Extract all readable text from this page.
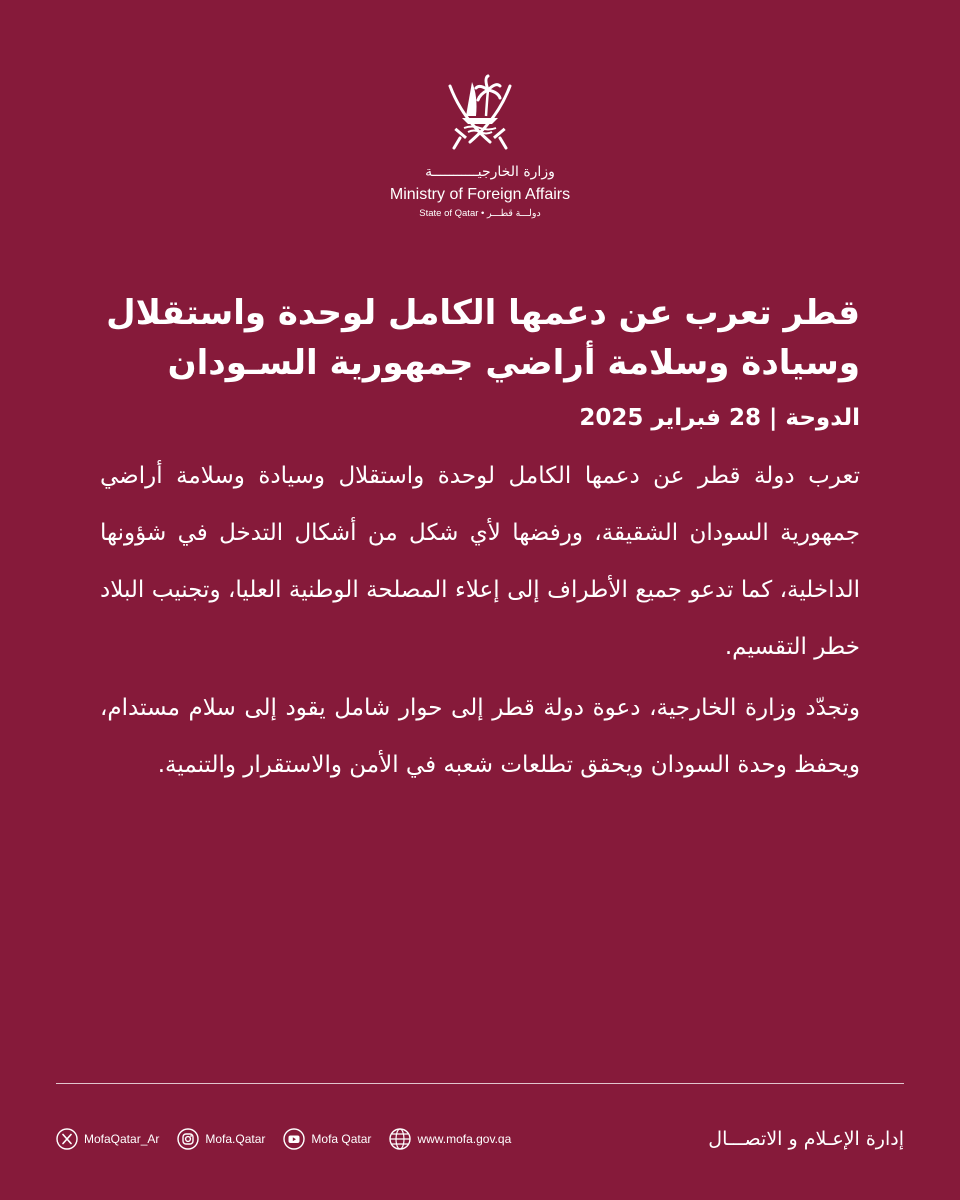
وزارة الخارجيـــــــــــة
Ministry of Foreign Affairs
State of Qatar • دولـــة قطـــر
قطر تعرب عن دعمها الكامل لوحدة واستقلال
وسيادة وسلامة أراضي جمهورية السـودان
الدوحة | 28 فبراير 2025

تعرب دولة قطر عن دعمها الكامل لوحدة واستقلال وسيادة وسلامة أراضي جمهورية السودان الشقيقة، ورفضها لأي شكل من أشكال التدخل في شؤونها الداخلية، كما تدعو جميع الأطراف إلى إعلاء المصلحة الوطنية العليا، وتجنيب البلاد خطر التقسيم.

وتجدّد وزارة الخارجية، دعوة دولة قطر إلى حوار شامل يقود إلى سلام مستدام، ويحفظ وحدة السودان ويحقق تطلعات شعبه في الأمن والاستقرار والتنمية.

MofaQatar_Ar	Mofa.Qatar	Mofa Qatar	www.mofa.gov.qa	إدارة الإعـلام و الاتصـــال
